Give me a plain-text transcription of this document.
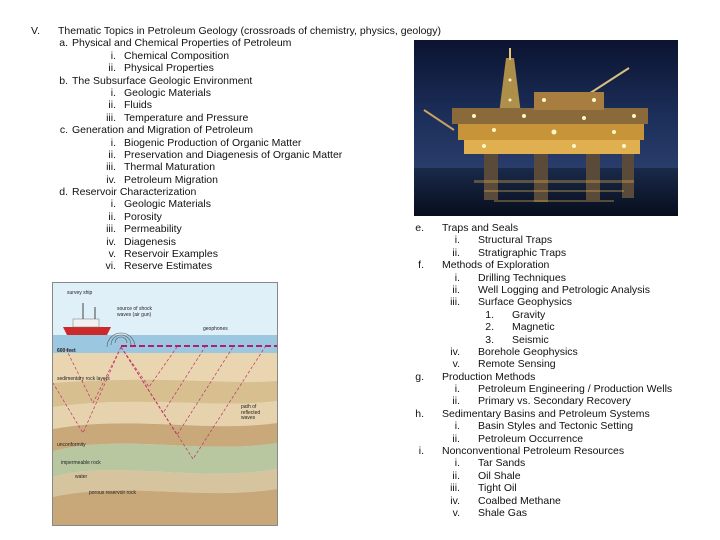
V. Thematic Topics in Petroleum Geology (crossroads of chemistry, physics, geology)
a. Physical and Chemical Properties of Petroleum
i. Chemical Composition
ii. Physical Properties
b. The Subsurface Geologic Environment
i. Geologic Materials
ii. Fluids
iii. Temperature and Pressure
c. Generation and Migration of Petroleum
i. Biogenic Production of Organic Matter
ii. Preservation and Diagenesis of Organic Matter
iii. Thermal Maturation
iv. Petroleum Migration
d. Reservoir Characterization
i. Geologic Materials
ii. Porosity
iii. Permeability
iv. Diagenesis
v. Reservoir Examples
vi. Reserve Estimates
e. Traps and Seals
i. Structural Traps
ii. Stratigraphic Traps
f. Methods of Exploration
i. Drilling Techniques
ii. Well Logging and Petrologic Analysis
iii. Surface Geophysics
1. Gravity
2. Magnetic
3. Seismic
iv. Borehole Geophysics
v. Remote Sensing
g. Production Methods
i. Petroleum Engineering / Production Wells
ii. Primary vs. Secondary Recovery
h. Sedimentary Basins and Petroleum Systems
i. Basin Styles and Tectonic Setting
ii. Petroleum Occurrence
i. Nonconventional Petroleum Resources
i. Tar Sands
ii. Oil Shale
iii. Tight Oil
iv. Coalbed Methane
v. Shale Gas
survey ship
source of shock waves (air gun)
geophones
600 feet
sedimentary rock layers
path of reflected waves
unconformity
impermeable rock
water
porous reservoir rock
